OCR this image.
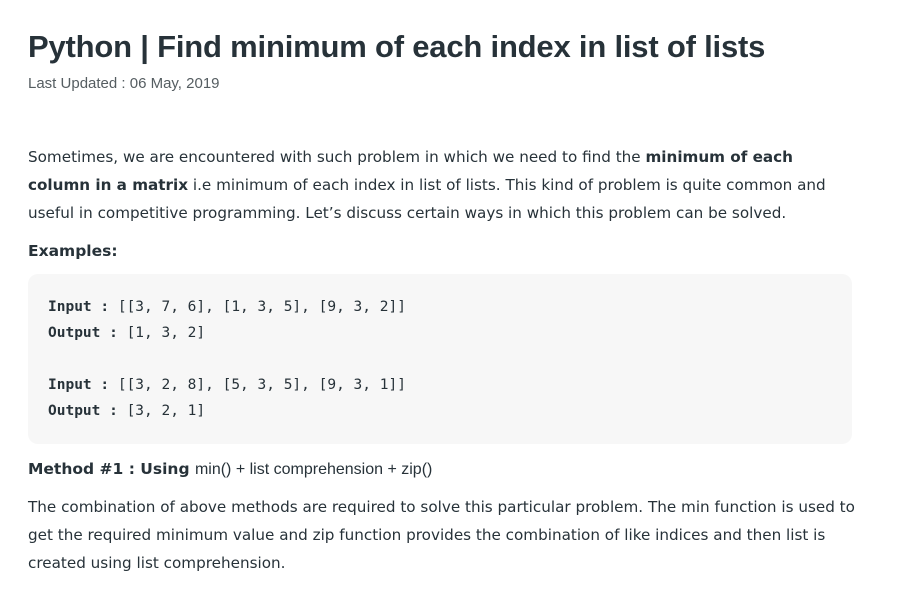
Python | Find minimum of each index in list of lists
Last Updated : 06 May, 2019

Sometimes, we are encountered with such problem in which we need to find the minimum of each column in a matrix i.e minimum of each index in list of lists. This kind of problem is quite common and useful in competitive programming. Let’s discuss certain ways in which this problem can be solved.

Examples:
Input : [[3, 7, 6], [1, 3, 5], [9, 3, 2]]
Output : [1, 3, 2]
Input : [[3, 2, 8], [5, 3, 5], [9, 3, 1]]
Output : [3, 2, 1]
Method #1 : Using min() + list comprehension + zip()

The combination of above methods are required to solve this particular problem. The min function is used to get the required minimum value and zip function provides the combination of like indices and then list is created using list comprehension.
